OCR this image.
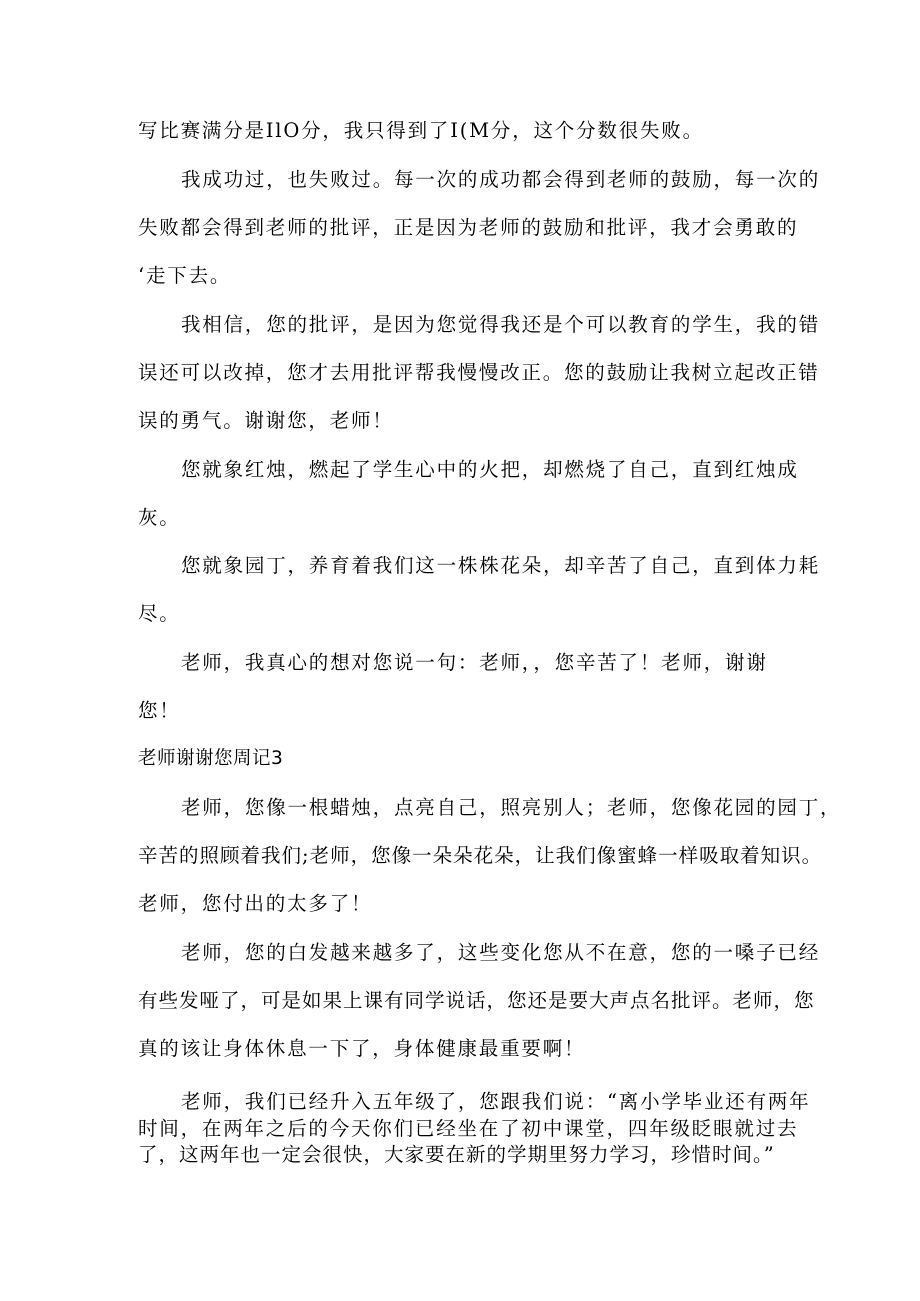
写比赛满分是IlO分，我只得到了I(M分，这个分数很失败。
我成功过，也失败过。每一次的成功都会得到老师的鼓励，每一次的
失败都会得到老师的批评，正是因为老师的鼓励和批评，我才会勇敢的
‘走下去。
我相信，您的批评，是因为您觉得我还是个可以教育的学生，我的错
误还可以改掉，您才去用批评帮我慢慢改正。您的鼓励让我树立起改正错
误的勇气。谢谢您，老师！
您就象红烛，燃起了学生心中的火把，却燃烧了自己，直到红烛成
灰。
您就象园丁，养育着我们这一株株花朵，却辛苦了自己，直到体力耗
尽。
老师，我真心的想对您说一句：老师，，您辛苦了！老师，谢谢
您！
老师谢谢您周记3
老师，您像一根蜡烛，点亮自己，照亮别人；老师，您像花园的园丁，
辛苦的照顾着我们;老师，您像一朵朵花朵，让我们像蜜蜂一样吸取着知识。
老师，您付出的太多了！
老师，您的白发越来越多了，这些变化您从不在意，您的一嗓子已经
有些发哑了，可是如果上课有同学说话，您还是要大声点名批评。老师，您
真的该让身体休息一下了，身体健康最重要啊！
老师，我们已经升入五年级了，您跟我们说：“离小学毕业还有两年
时间，在两年之后的今天你们已经坐在了初中课堂，四年级眨眼就过去
了，这两年也一定会很快，大家要在新的学期里努力学习，珍惜时间。”
